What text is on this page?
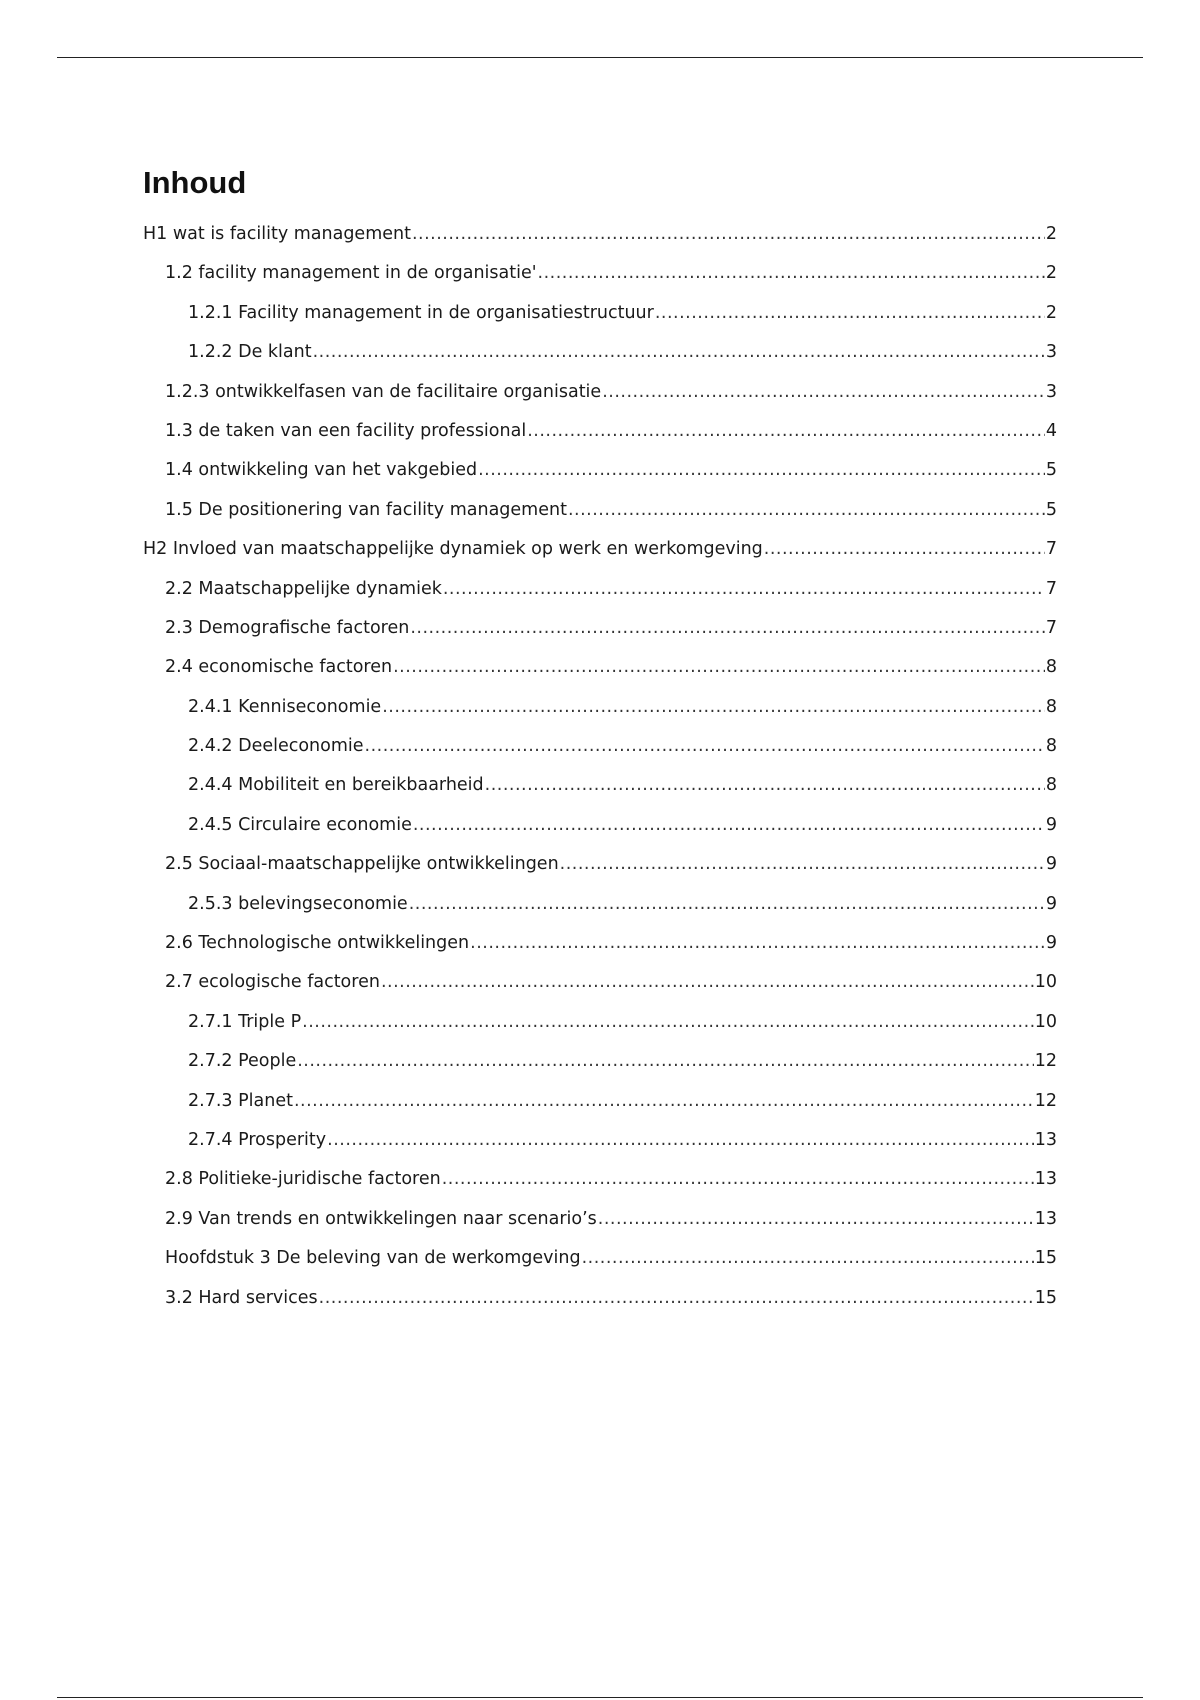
Inhoud
H1 wat is facility management .....	2
1.2 facility management in de organisatie' .....	2
1.2.1 Facility management in de organisatiestructuur .....	2
1.2.2 De klant .....	3
1.2.3 ontwikkelfasen van de facilitaire organisatie .....	3
1.3 de taken van een facility professional .....	4
1.4 ontwikkeling van het vakgebied .....	5
1.5 De positionering van facility management .....	5
H2 Invloed van maatschappelijke dynamiek op werk en werkomgeving .....	7
2.2 Maatschappelijke dynamiek .....	7
2.3 Demografische factoren .....	7
2.4 economische factoren .....	8
2.4.1 Kenniseconomie .....	8
2.4.2 Deeleconomie .....	8
2.4.4 Mobiliteit en bereikbaarheid .....	8
2.4.5 Circulaire economie .....	9
2.5 Sociaal-maatschappelijke ontwikkelingen .....	9
2.5.3 belevingseconomie .....	9
2.6 Technologische ontwikkelingen .....	9
2.7 ecologische factoren .....	10
2.7.1 Triple P .....	10
2.7.2 People .....	12
2.7.3 Planet .....	12
2.7.4 Prosperity .....	13
2.8 Politieke-juridische factoren .....	13
2.9 Van trends en ontwikkelingen naar scenario’s .....	13
Hoofdstuk 3 De beleving van de werkomgeving .....	15
3.2 Hard services .....	15
